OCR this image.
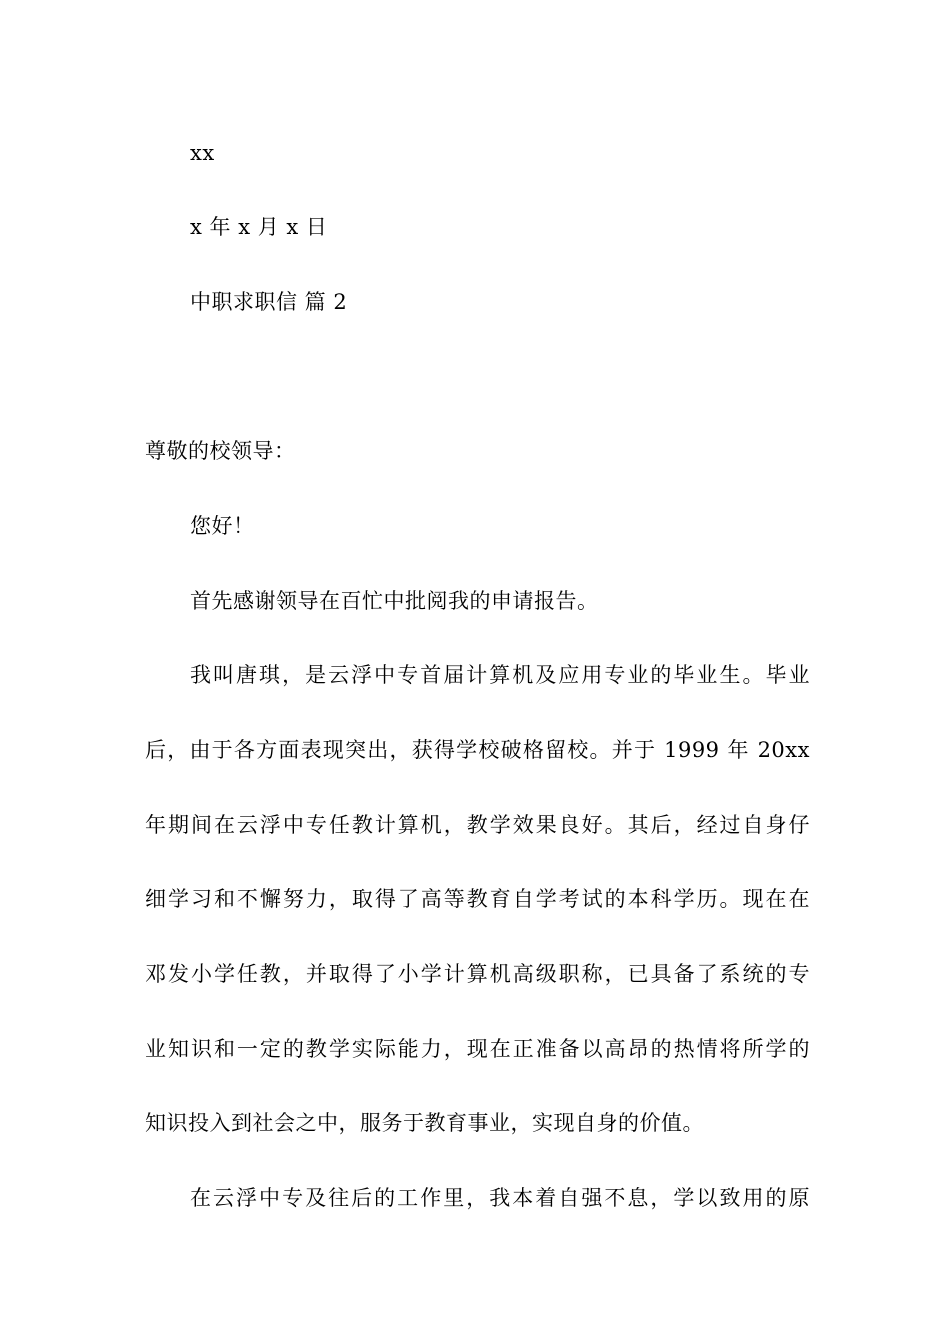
xx
x 年 x 月 x 日
中职求职信 篇 2
尊敬的校领导：
您好！
首先感谢领导在百忙中批阅我的申请报告。
我叫唐琪，是云浮中专首届计算机及应用专业的毕业生。毕业
后，由于各方面表现突出，获得学校破格留校。并于 1999 年 20xx
年期间在云浮中专任教计算机，教学效果良好。其后，经过自身仔
细学习和不懈努力，取得了高等教育自学考试的本科学历。现在在
邓发小学任教，并取得了小学计算机高级职称，已具备了系统的专
业知识和一定的教学实际能力，现在正准备以高昂的热情将所学的
知识投入到社会之中，服务于教育事业，实现自身的价值。
在云浮中专及往后的工作里，我本着自强不息，学以致用的原
